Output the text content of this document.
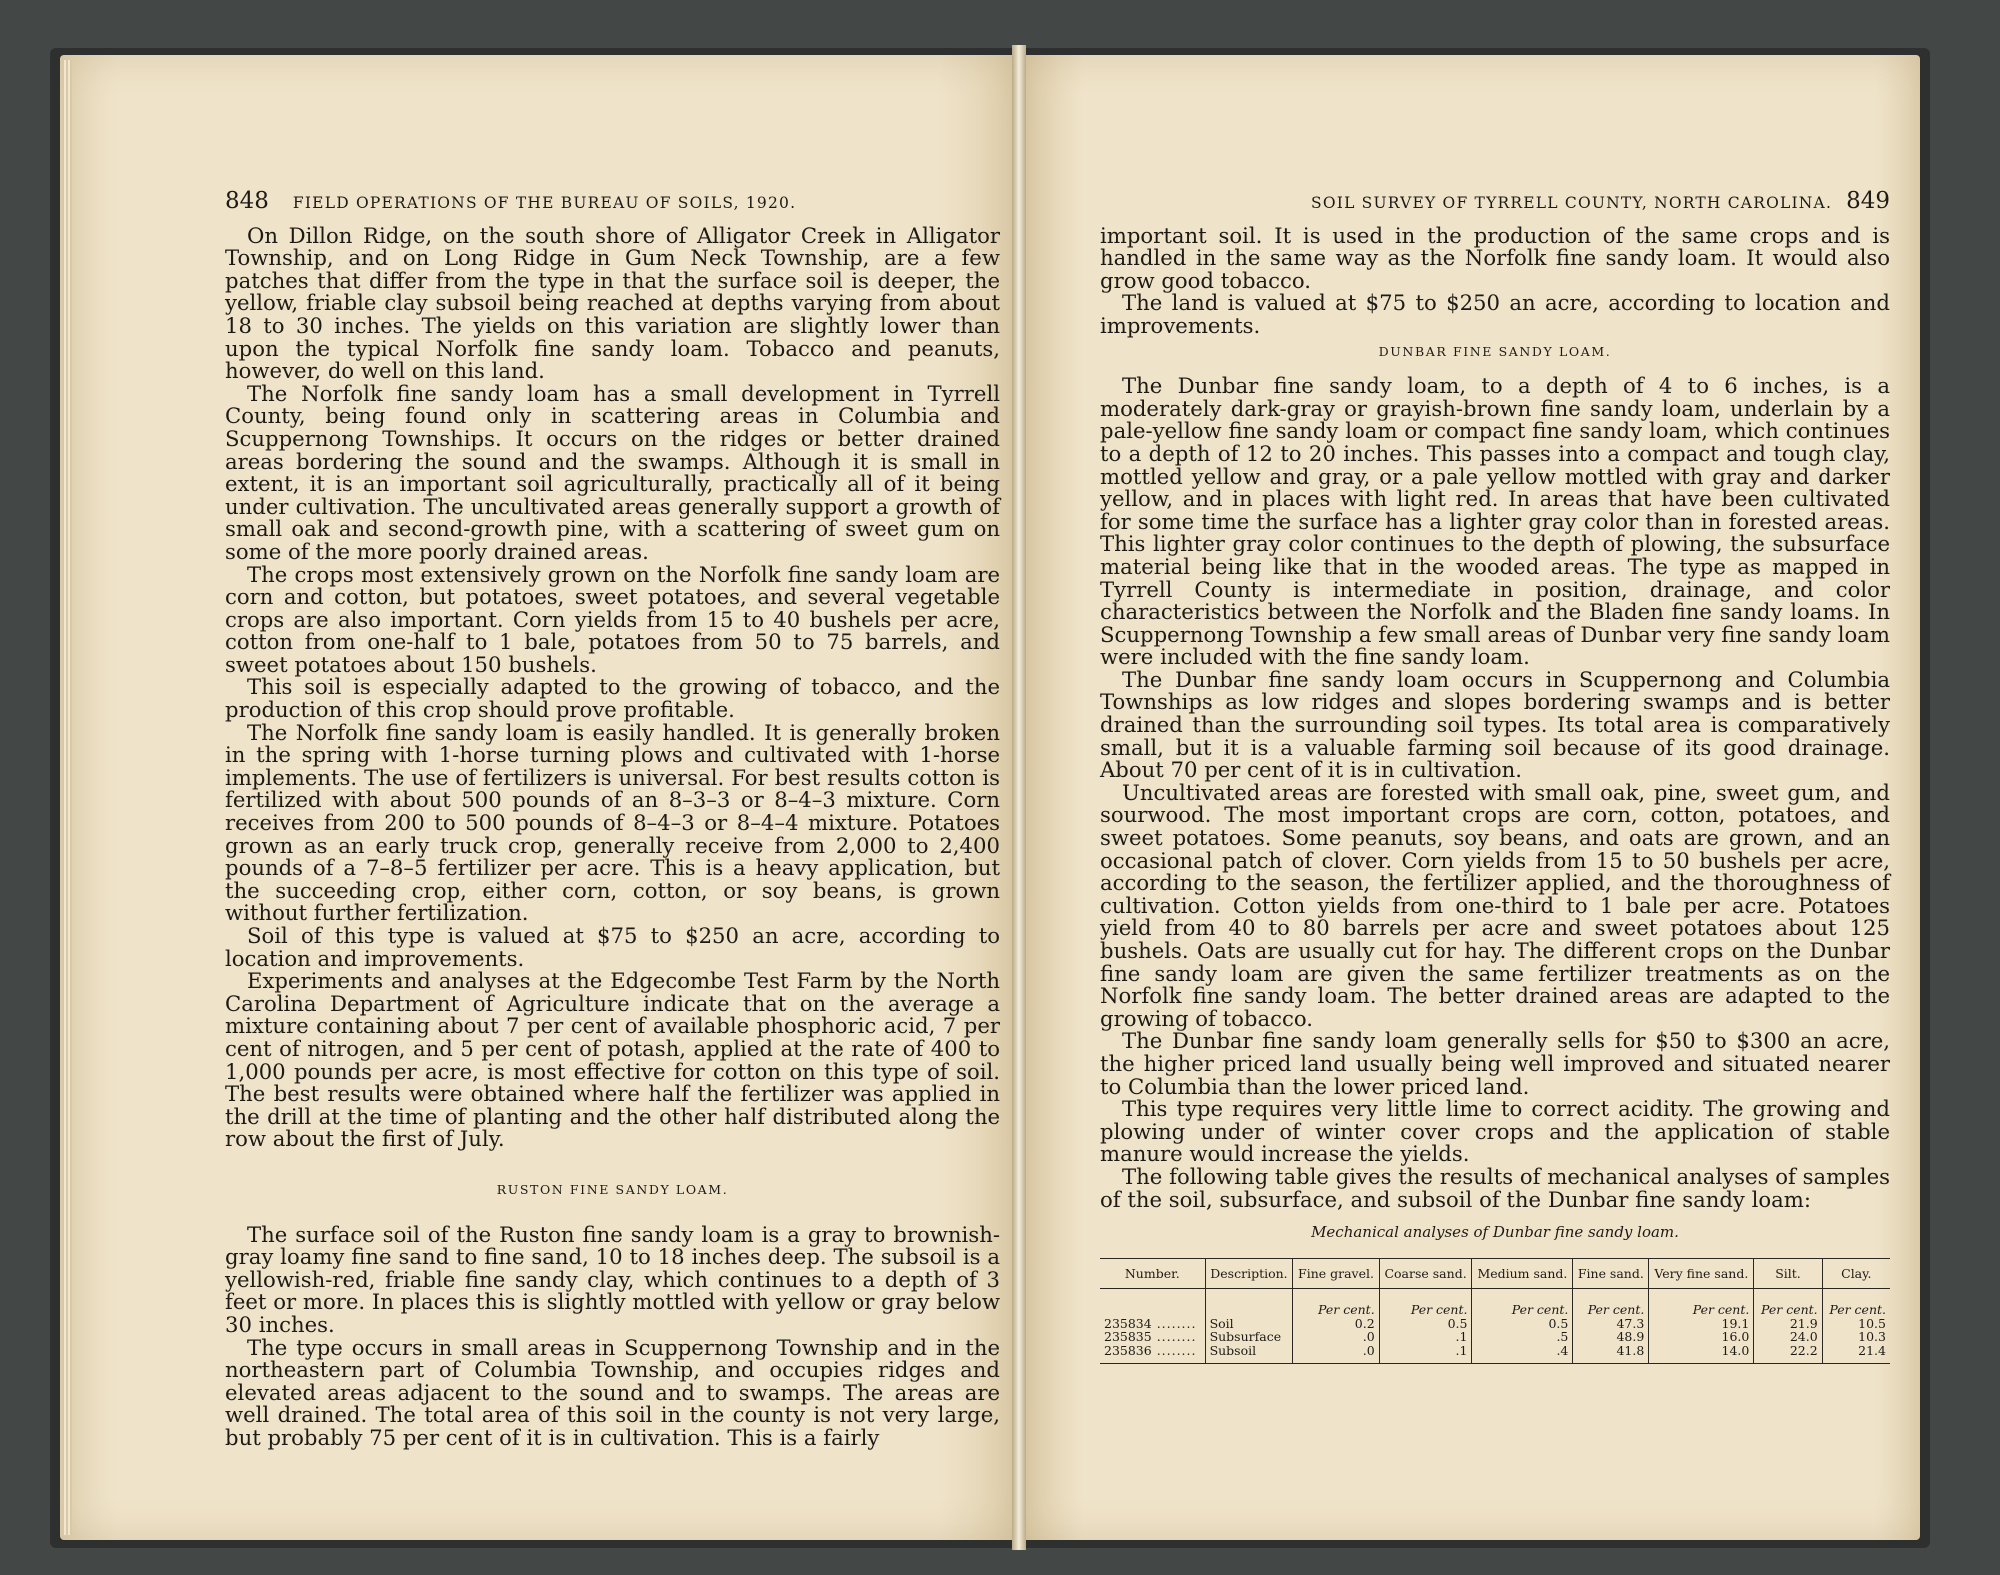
848 FIELD OPERATIONS OF THE BUREAU OF SOILS, 1920.

On Dillon Ridge, on the south shore of Alligator Creek in Alligator Township, and on Long Ridge in Gum Neck Township, are a few patches that differ from the type in that the surface soil is deeper, the yellow, friable clay subsoil being reached at depths varying from about 18 to 30 inches. The yields on this variation are slightly lower than upon the typical Norfolk fine sandy loam. Tobacco and peanuts, however, do well on this land.

The Norfolk fine sandy loam has a small development in Tyrrell County, being found only in scattering areas in Columbia and Scuppernong Townships. It occurs on the ridges or better drained areas bordering the sound and the swamps. Although it is small in extent, it is an important soil agriculturally, practically all of it being under cultivation. The uncultivated areas generally support a growth of small oak and second-growth pine, with a scattering of sweet gum on some of the more poorly drained areas.

The crops most extensively grown on the Norfolk fine sandy loam are corn and cotton, but potatoes, sweet potatoes, and several vegetable crops are also important. Corn yields from 15 to 40 bushels per acre, cotton from one-half to 1 bale, potatoes from 50 to 75 barrels, and sweet potatoes about 150 bushels.

This soil is especially adapted to the growing of tobacco, and the production of this crop should prove profitable.

The Norfolk fine sandy loam is easily handled. It is generally broken in the spring with 1-horse turning plows and cultivated with 1-horse implements. The use of fertilizers is universal. For best results cotton is fertilized with about 500 pounds of an 8–3–3 or 8–4–3 mixture. Corn receives from 200 to 500 pounds of 8–4–3 or 8–4–4 mixture. Potatoes grown as an early truck crop, generally receive from 2,000 to 2,400 pounds of a 7–8–5 fertilizer per acre. This is a heavy application, but the succeeding crop, either corn, cotton, or soy beans, is grown without further fertilization.

Soil of this type is valued at $75 to $250 an acre, according to location and improvements.

Experiments and analyses at the Edgecombe Test Farm by the North Carolina Department of Agriculture indicate that on the average a mixture containing about 7 per cent of available phosphoric acid, 7 per cent of nitrogen, and 5 per cent of potash, applied at the rate of 400 to 1,000 pounds per acre, is most effective for cotton on this type of soil. The best results were obtained where half the fertilizer was applied in the drill at the time of planting and the other half distributed along the row about the first of July.

RUSTON FINE SANDY LOAM.

The surface soil of the Ruston fine sandy loam is a gray to brownish-gray loamy fine sand to fine sand, 10 to 18 inches deep. The subsoil is a yellowish-red, friable fine sandy clay, which continues to a depth of 3 feet or more. In places this is slightly mottled with yellow or gray below 30 inches.

The type occurs in small areas in Scuppernong Township and in the northeastern part of Columbia Township, and occupies ridges and elevated areas adjacent to the sound and to swamps. The areas are well drained. The total area of this soil in the county is not very large, but probably 75 per cent of it is in cultivation. This is a fairly

SOIL SURVEY OF TYRRELL COUNTY, NORTH CAROLINA. 849

important soil. It is used in the production of the same crops and is handled in the same way as the Norfolk fine sandy loam. It would also grow good tobacco.

The land is valued at $75 to $250 an acre, according to location and improvements.

DUNBAR FINE SANDY LOAM.

The Dunbar fine sandy loam, to a depth of 4 to 6 inches, is a moderately dark-gray or grayish-brown fine sandy loam, underlain by a pale-yellow fine sandy loam or compact fine sandy loam, which continues to a depth of 12 to 20 inches. This passes into a compact and tough clay, mottled yellow and gray, or a pale yellow mottled with gray and darker yellow, and in places with light red. In areas that have been cultivated for some time the surface has a lighter gray color than in forested areas. This lighter gray color continues to the depth of plowing, the subsurface material being like that in the wooded areas. The type as mapped in Tyrrell County is intermediate in position, drainage, and color characteristics between the Norfolk and the Bladen fine sandy loams. In Scuppernong Township a few small areas of Dunbar very fine sandy loam were included with the fine sandy loam.

The Dunbar fine sandy loam occurs in Scuppernong and Columbia Townships as low ridges and slopes bordering swamps and is better drained than the surrounding soil types. Its total area is comparatively small, but it is a valuable farming soil because of its good drainage. About 70 per cent of it is in cultivation.

Uncultivated areas are forested with small oak, pine, sweet gum, and sourwood. The most important crops are corn, cotton, potatoes, and sweet potatoes. Some peanuts, soy beans, and oats are grown, and an occasional patch of clover. Corn yields from 15 to 50 bushels per acre, according to the season, the fertilizer applied, and the thoroughness of cultivation. Cotton yields from one-third to 1 bale per acre. Potatoes yield from 40 to 80 barrels per acre and sweet potatoes about 125 bushels. Oats are usually cut for hay. The different crops on the Dunbar fine sandy loam are given the same fertilizer treatments as on the Norfolk fine sandy loam. The better drained areas are adapted to the growing of tobacco.

The Dunbar fine sandy loam generally sells for $50 to $300 an acre, the higher priced land usually being well improved and situated nearer to Columbia than the lower priced land.

This type requires very little lime to correct acidity. The growing and plowing under of winter cover crops and the application of stable manure would increase the yields.

The following table gives the results of mechanical analyses of samples of the soil, subsurface, and subsoil of the Dunbar fine sandy loam:

Mechanical analyses of Dunbar fine sandy loam.
Number.	Description.	Fine gravel.	Coarse sand.	Medium sand.	Fine sand.	Very fine sand.	Silt.	Clay.
		Per cent.	Per cent.	Per cent.	Per cent.	Per cent.	Per cent.	Per cent.
235834 .....	Soil	0.2	0.5	0.5	47.3	19.1	21.9	10.5
235835 .....	Subsurface	.0	.1	.5	48.9	16.0	24.0	10.3
235836 .....	Subsoil	.0	.1	.4	41.8	14.0	22.2	21.4
